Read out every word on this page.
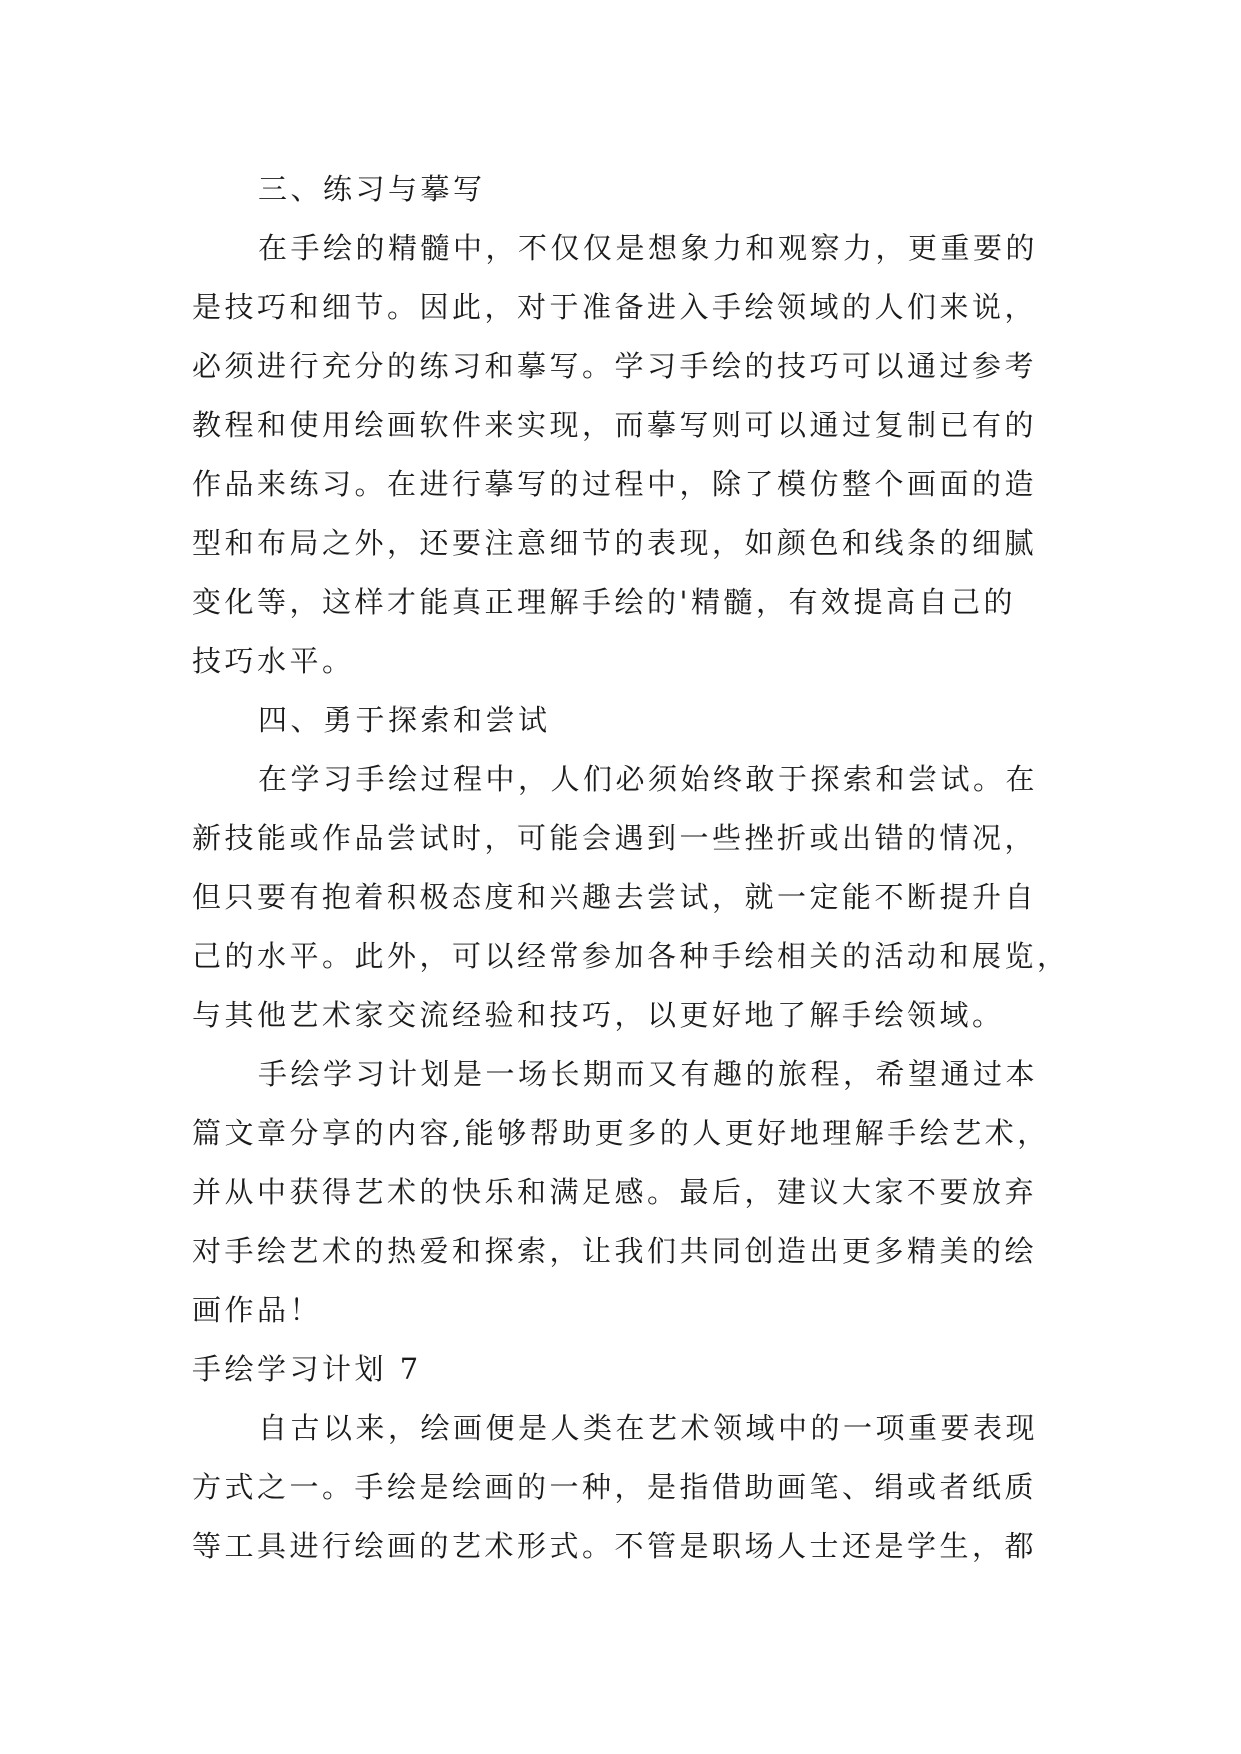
三、练习与摹写
在手绘的精髓中，不仅仅是想象力和观察力，更重要的
是技巧和细节。因此，对于准备进入手绘领域的人们来说，
必须进行充分的练习和摹写。学习手绘的技巧可以通过参考
教程和使用绘画软件来实现，而摹写则可以通过复制已有的
作品来练习。在进行摹写的过程中，除了模仿整个画面的造
型和布局之外，还要注意细节的表现，如颜色和线条的细腻
变化等，这样才能真正理解手绘的'精髓，有效提高自己的
技巧水平。
四、勇于探索和尝试
在学习手绘过程中，人们必须始终敢于探索和尝试。在
新技能或作品尝试时，可能会遇到一些挫折或出错的情况，
但只要有抱着积极态度和兴趣去尝试，就一定能不断提升自
己的水平。此外，可以经常参加各种手绘相关的活动和展览，
与其他艺术家交流经验和技巧，以更好地了解手绘领域。
手绘学习计划是一场长期而又有趣的旅程，希望通过本
篇文章分享的内容,能够帮助更多的人更好地理解手绘艺术，
并从中获得艺术的快乐和满足感。最后，建议大家不要放弃
对手绘艺术的热爱和探索，让我们共同创造出更多精美的绘
画作品！
手绘学习计划 7
自古以来，绘画便是人类在艺术领域中的一项重要表现
方式之一。手绘是绘画的一种，是指借助画笔、绢或者纸质
等工具进行绘画的艺术形式。不管是职场人士还是学生，都
